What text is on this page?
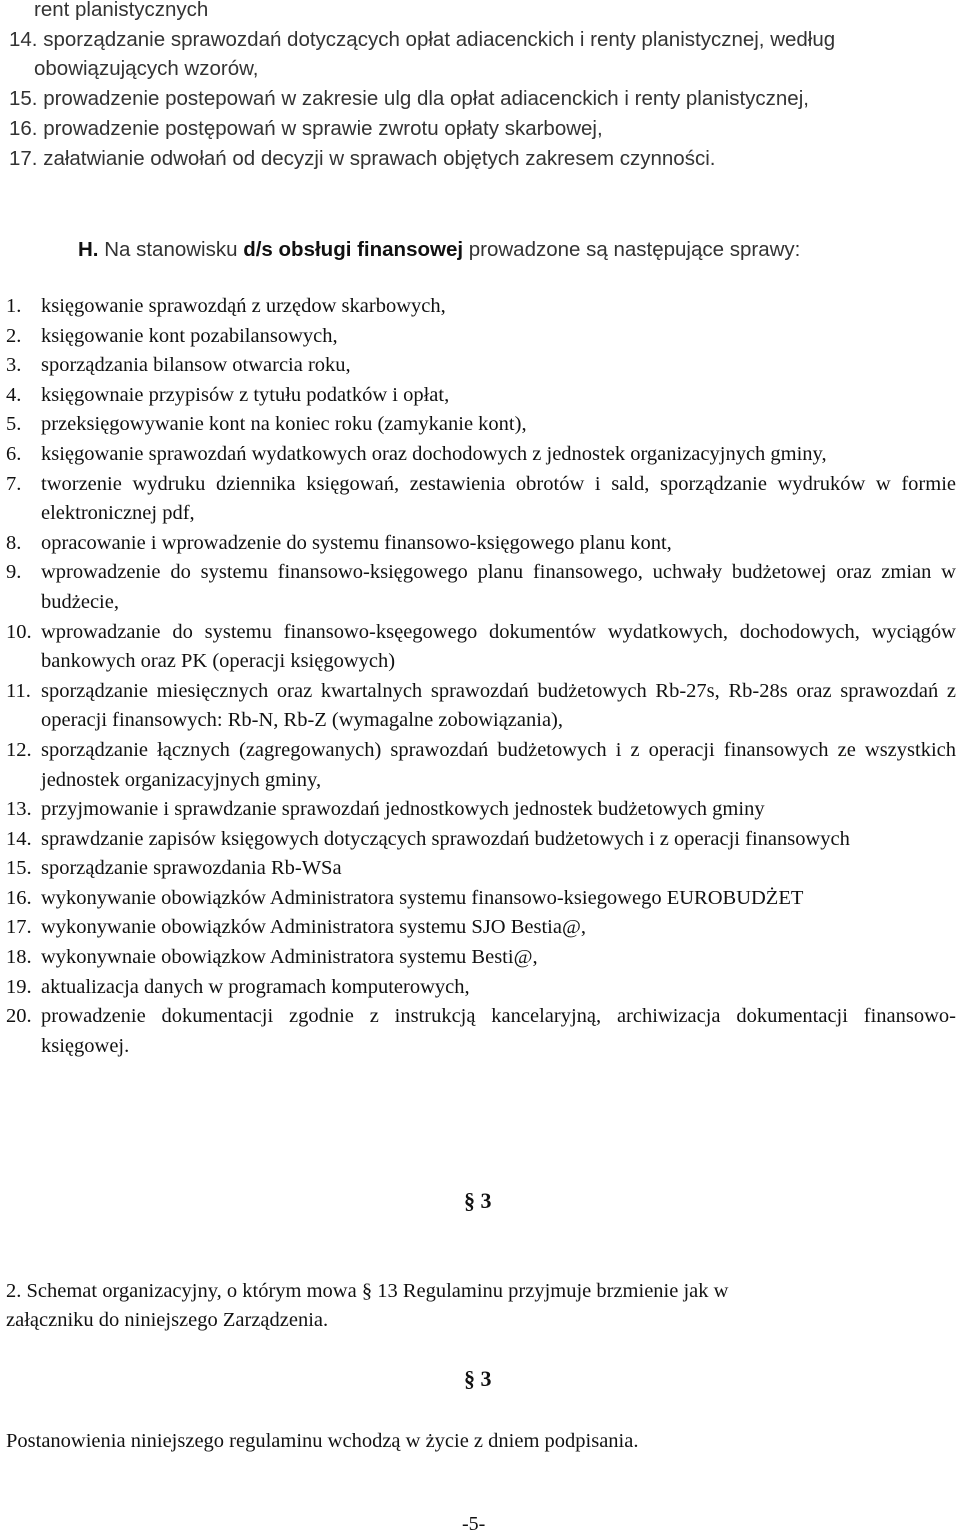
rent planistycznych
14. sporządzanie sprawozdań dotyczących opłat adiacenckich i renty planistycznej, według
obowiązujących wzorów,
15. prowadzenie postepowań w zakresie ulg dla opłat adiacenckich i renty planistycznej,
16. prowadzenie postępowań w sprawie zwrotu opłaty skarbowej,
17. załatwianie odwołań od decyzji w sprawach objętych zakresem czynności.
H. Na stanowisku d/s obsługi finansowej prowadzone są następujące sprawy:
1. księgowanie sprawozdąń z urzędow skarbowych,
2. księgowanie kont pozabilansowych,
3. sporządzania bilansow otwarcia roku,
4. księgownaie przypisów z tytułu podatków i opłat,
5. przeksięgowywanie kont na koniec roku (zamykanie kont),
6. księgowanie sprawozdań wydatkowych oraz dochodowych z jednostek organizacyjnych gminy,
7. tworzenie wydruku dziennika księgowań, zestawienia obrotów i sald, sporządzanie wydruków w formie elektronicznej pdf,
8. opracowanie i wprowadzenie do systemu finansowo-księgowego planu kont,
9. wprowadzenie do systemu finansowo-księgowego planu finansowego, uchwały budżetowej oraz zmian w budżecie,
10. wprowadzanie do systemu finansowo-ksęegowego dokumentów wydatkowych, dochodowych, wyciągów bankowych oraz PK (operacji księgowych)
11. sporządzanie miesięcznych oraz kwartalnych sprawozdań budżetowych Rb-27s, Rb-28s oraz sprawozdań z operacji finansowych: Rb-N, Rb-Z (wymagalne zobowiązania),
12. sporządzanie łącznych (zagregowanych) sprawozdań budżetowych i z operacji finansowych ze wszystkich jednostek organizacyjnych gminy,
13. przyjmowanie i sprawdzanie sprawozdań jednostkowych jednostek budżetowych gminy
14. sprawdzanie zapisów księgowych dotyczących sprawozdań budżetowych i z operacji finansowych
15. sporządzanie sprawozdania Rb-WSa
16. wykonywanie obowiązków Administratora systemu finansowo-ksiegowego EUROBUDŻET
17. wykonywanie obowiązków Administratora systemu SJO Bestia@,
18. wykonywnaie obowiązkow Administratora systemu Besti@,
19. aktualizacja danych w programach komputerowych,
20. prowadzenie dokumentacji zgodnie z instrukcją kancelaryjną, archiwizacja dokumentacji finansowo-księgowej.
§ 3
2. Schemat organizacyjny, o którym mowa § 13 Regulaminu przyjmuje brzmienie jak w
załączniku do niniejszego Zarządzenia.
§ 3
Postanowienia niniejszego regulaminu wchodzą w życie z dniem podpisania.
-5-
